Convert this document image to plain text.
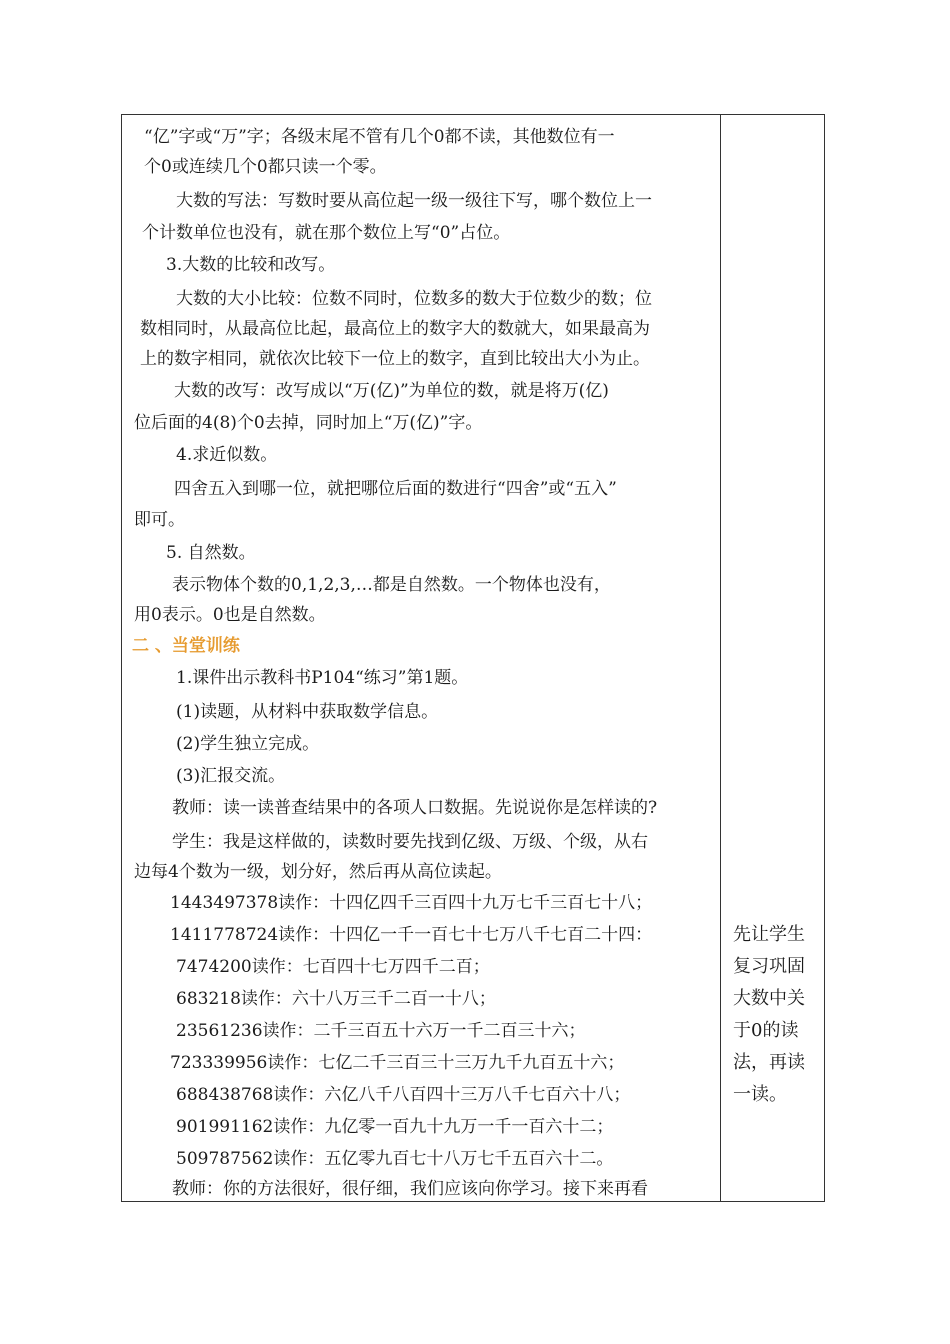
“亿”字或“万”字；各级末尾不管有几个0都不读，其他数位有一
个0或连续几个0都只读一个零。
大数的写法：写数时要从高位起一级一级往下写，哪个数位上一
个计数单位也没有，就在那个数位上写“0”占位。
3.大数的比较和改写。
大数的大小比较：位数不同时，位数多的数大于位数少的数；位
数相同时，从最高位比起，最高位上的数字大的数就大，如果最高为
上的数字相同，就依次比较下一位上的数字，直到比较出大小为止。
大数的改写：改写成以“万(亿)”为单位的数，就是将万(亿)
位后面的4(8)个0去掉，同时加上“万(亿)”字。
4.求近似数。
四舍五入到哪一位，就把哪位后面的数进行“四舍”或“五入”
即可。
5. 自然数。
表示物体个数的0,1,2,3,…都是自然数。一个物体也没有，
用0表示。0也是自然数。
二 、当堂训练
1.课件出示教科书P104“练习”第1题。
(1)读题，从材料中获取数学信息。
(2)学生独立完成。
(3)汇报交流。
教师：读一读普查结果中的各项人口数据。先说说你是怎样读的?
学生：我是这样做的，读数时要先找到亿级、万级、个级，从右
边每4个数为一级，划分好，然后再从高位读起。
1443497378读作：十四亿四千三百四十九万七千三百七十八；
1411778724读作：十四亿一千一百七十七万八千七百二十四：
7474200读作：七百四十七万四千二百；
683218读作：六十八万三千二百一十八；
23561236读作：二千三百五十六万一千二百三十六；
723339956读作：七亿二千三百三十三万九千九百五十六；
688438768读作：六亿八千八百四十三万八千七百六十八；
901991162读作：九亿零一百九十九万一千一百六十二；
509787562读作：五亿零九百七十八万七千五百六十二。
教师：你的方法很好，很仔细，我们应该向你学习。接下来再看
先让学生
复习巩固
大数中关
于0的读
法，再读
一读。
